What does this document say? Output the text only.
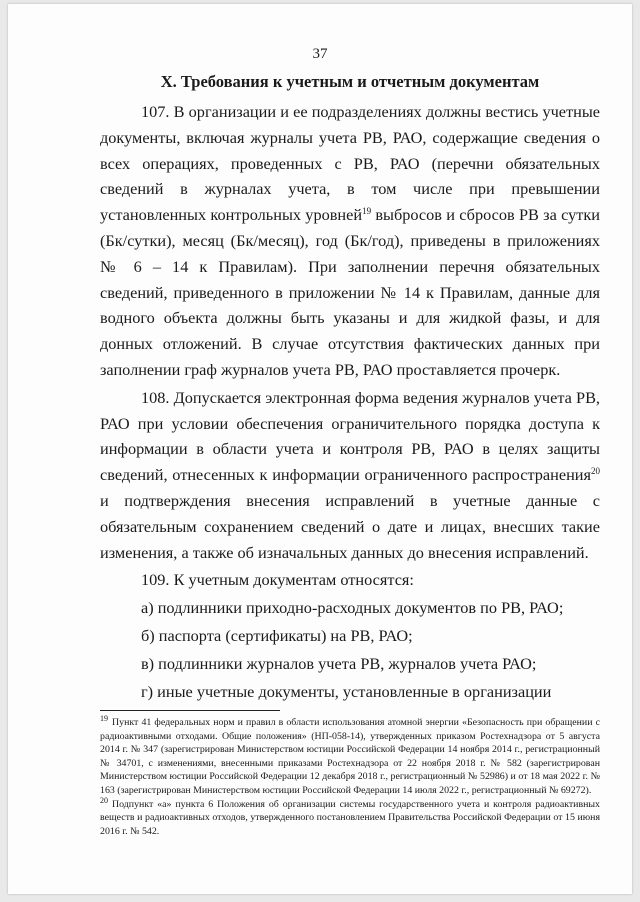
37
X. Требования к учетным и отчетным документам

107. В организации и ее подразделениях должны вестись учетные документы, включая журналы учета РВ, РАО, содержащие сведения о всех операциях, проведенных с РВ, РАО (перечни обязательных сведений в журналах учета, в том числе при превышении установленных контрольных уровней$^{19}$ выбросов и сбросов РВ за сутки (Бк/сутки), месяц (Бк/месяц), год (Бк/год), приведены в приложениях № 6 – 14 к Правилам). При заполнении перечня обязательных сведений, приведенного в приложении № 14 к Правилам, данные для водного объекта должны быть указаны и для жидкой фазы, и для донных отложений. В случае отсутствия фактических данных при заполнении граф журналов учета РВ, РАО проставляется прочерк.

108. Допускается электронная форма ведения журналов учета РВ, РАО при условии обеспечения ограничительного порядка доступа к информации в области учета и контроля РВ, РАО в целях защиты сведений, отнесенных к информации ограниченного распространения$^{20}$ и подтверждения внесения исправлений в учетные данные с обязательным сохранением сведений о дате и лицах, внесших такие изменения, а также об изначальных данных до внесения исправлений.

109. К учетным документам относятся:

а) подлинники приходно-расходных документов по РВ, РАО;

б) паспорта (сертификаты) на РВ, РАО;

в) подлинники журналов учета РВ, журналов учета РАО;

г) иные учетные документы, установленные в организации

$^{19}$ Пункт 41 федеральных норм и правил в области использования атомной энергии «Безопасность при обращении с радиоактивными отходами. Общие положения» (НП-058-14), утвержденных приказом Ростехнадзора от 5 августа 2014 г. № 347 (зарегистрирован Министерством юстиции Российской Федерации 14 ноября 2014 г., регистрационный № 34701, с изменениями, внесенными приказами Ростехнадзора от 22 ноября 2018 г. № 582 (зарегистрирован Министерством юстиции Российской Федерации 12 декабря 2018 г., регистрационный № 52986) и от 18 мая 2022 г. № 163 (зарегистрирован Министерством юстиции Российской Федерации 14 июля 2022 г., регистрационный № 69272).

$^{20}$ Подпункт «а» пункта 6 Положения об организации системы государственного учета и контроля радиоактивных веществ и радиоактивных отходов, утвержденного постановлением Правительства Российской Федерации от 15 июня 2016 г. № 542.
